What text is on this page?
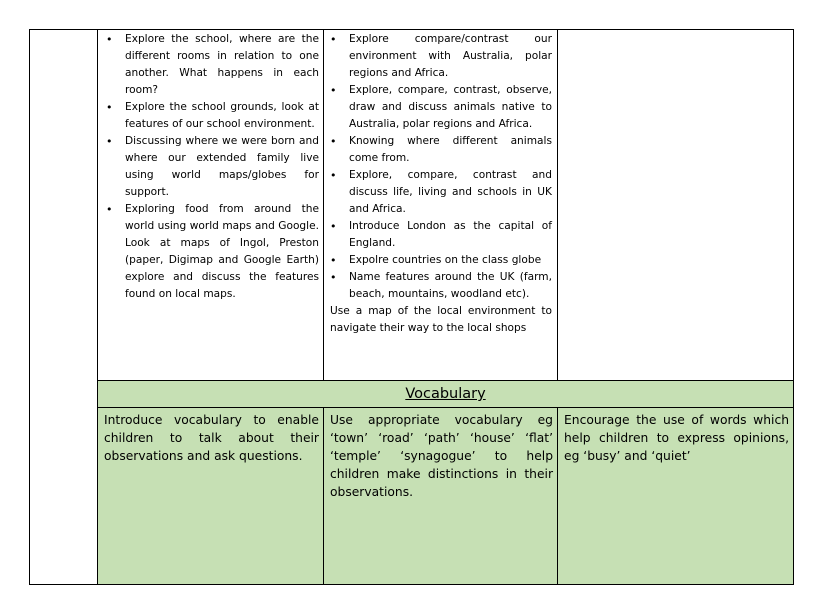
• Explore the school, where are the different rooms in relation to one another. What happens in each room?
• Explore the school grounds, look at features of our school environment.
• Discussing where we were born and where our extended family live using world maps/globes for support.
• Exploring food from around the world using world maps and Google. Look at maps of Ingol, Preston (paper, Digimap and Google Earth) explore and discuss the features found on local maps.
• Explore compare/contrast our environment with Australia, polar regions and Africa.
• Explore, compare, contrast, observe, draw and discuss animals native to Australia, polar regions and Africa.
• Knowing where different animals come from.
• Explore, compare, contrast and discuss life, living and schools in UK and Africa.
• Introduce London as the capital of England.
• Expolre countries on the class globe
• Name features around the UK (farm, beach, mountains, woodland etc).

Use a map of the local environment to navigate their way to the local shops

Vocabulary

Introduce vocabulary to enable children to talk about their observations and ask questions.

Use appropriate vocabulary eg ‘town’ ‘road’ ‘path’ ‘house’ ‘flat’ ‘temple’ ‘synagogue’ to help children make distinctions in their observations.

Encourage the use of words which help children to express opinions, eg ‘busy’ and ‘quiet’
